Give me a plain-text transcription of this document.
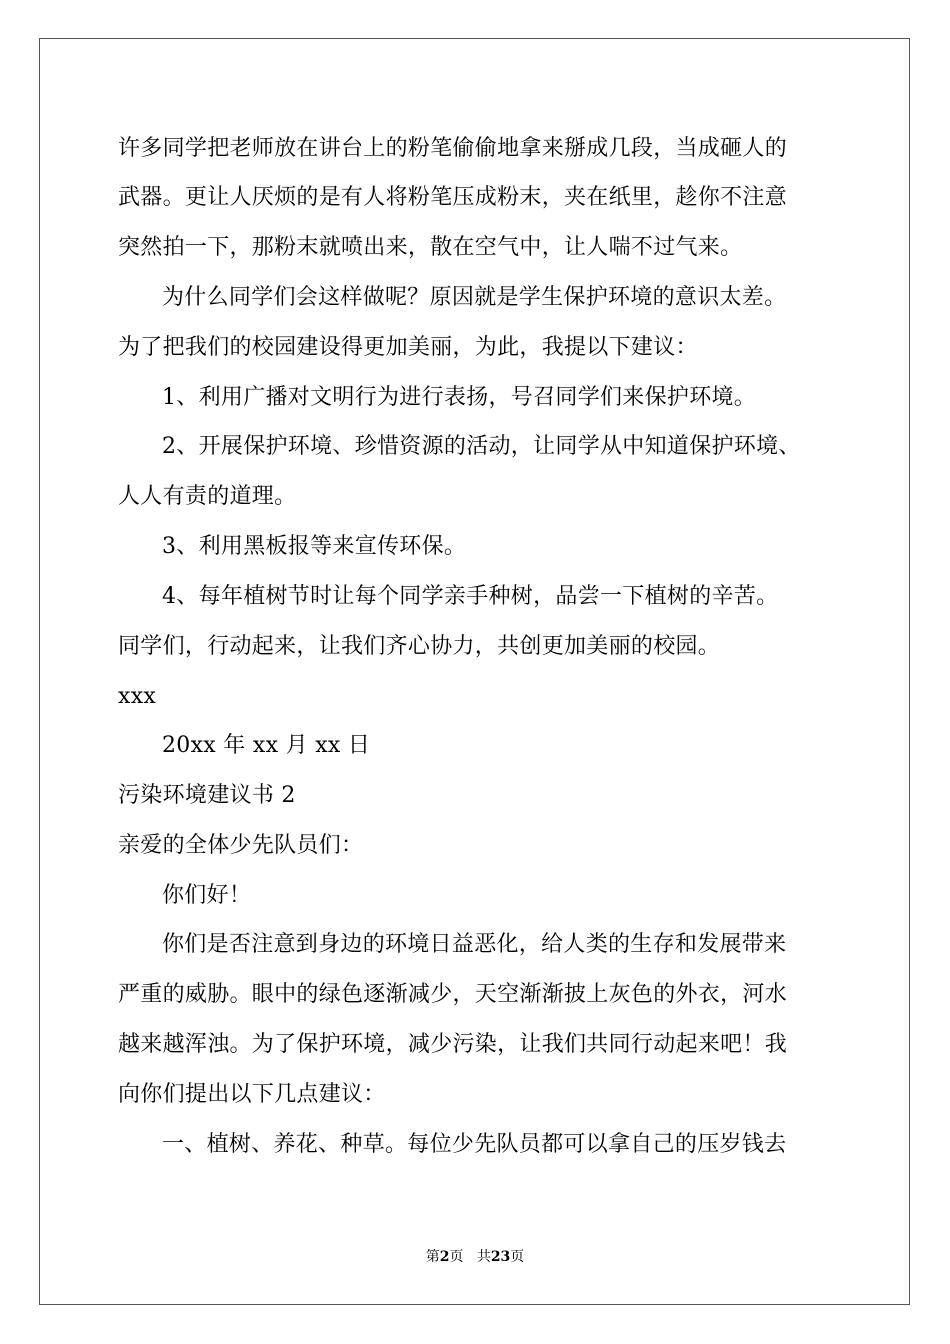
许多同学把老师放在讲台上的粉笔偷偷地拿来掰成几段，当成砸人的
武器。更让人厌烦的是有人将粉笔压成粉末，夹在纸里，趁你不注意
突然拍一下，那粉末就喷出来，散在空气中，让人喘不过气来。
为什么同学们会这样做呢？原因就是学生保护环境的意识太差。
为了把我们的校园建设得更加美丽，为此，我提以下建议：
1、利用广播对文明行为进行表扬，号召同学们来保护环境。
2、开展保护环境、珍惜资源的活动，让同学从中知道保护环境、
人人有责的道理。
3、利用黑板报等来宣传环保。
4、每年植树节时让每个同学亲手种树，品尝一下植树的辛苦。
同学们，行动起来，让我们齐心协力，共创更加美丽的校园。
xxx
20xx 年 xx 月 xx 日
污染环境建议书 2
亲爱的全体少先队员们：
你们好！
你们是否注意到身边的环境日益恶化，给人类的生存和发展带来
严重的威胁。眼中的绿色逐渐减少，天空渐渐披上灰色的外衣，河水
越来越浑浊。为了保护环境，减少污染，让我们共同行动起来吧！我
向你们提出以下几点建议：
一、植树、养花、种草。每位少先队员都可以拿自己的压岁钱去
第2页 共23页
